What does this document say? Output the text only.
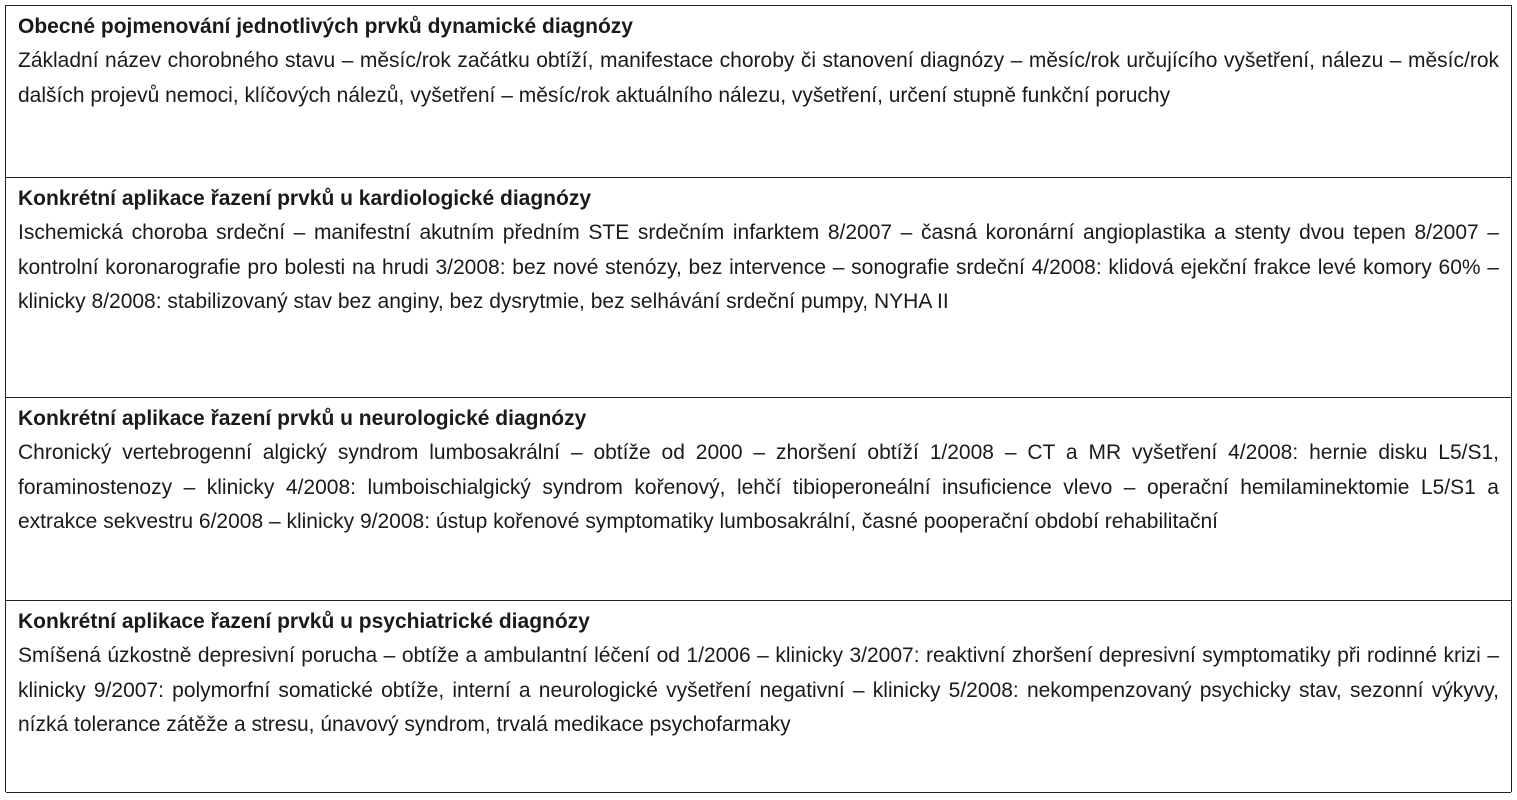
Obecné pojmenování jednotlivých prvků dynamické diagnózy

Základní název chorobného stavu – měsíc/rok začátku obtíží, manifestace choroby či stanovení diagnózy – měsíc/rok určujícího vyšetření, nálezu – měsíc/rok dalších projevů nemoci, klíčových nálezů, vyšetření – měsíc/rok aktuálního nálezu, vyšetření, určení stupně funkční poruchy

Konkrétní aplikace řazení prvků u kardiologické diagnózy

Ischemická choroba srdeční – manifestní akutním předním STE srdečním infarktem 8/2007 – časná koronární angioplastika a stenty dvou tepen 8/2007 – kontrolní koronarografie pro bolesti na hrudi 3/2008: bez nové stenózy, bez intervence – sonografie srdeční 4/2008: klidová ejekční frakce levé komory 60% – klinicky 8/2008: stabilizovaný stav bez anginy, bez dysrytmie, bez selhávání srdeční pumpy, NYHA II

Konkrétní aplikace řazení prvků u neurologické diagnózy

Chronický vertebrogenní algický syndrom lumbosakrální – obtíže od 2000 – zhoršení obtíží 1/2008 – CT a MR vyšetření 4/2008: hernie disku L5/S1, foraminostenozy – klinicky 4/2008: lumboischialgický syndrom kořenový, lehčí tibioperoneální insuficience vlevo – operační hemilaminektomie L5/S1 a extrakce sekvestru 6/2008 – klinicky 9/2008: ústup kořenové symptomatiky lumbosakrální, časné pooperační období rehabilitační

Konkrétní aplikace řazení prvků u psychiatrické diagnózy

Smíšená úzkostně depresivní porucha – obtíže a ambulantní léčení od 1/2006 – klinicky 3/2007: reaktivní zhoršení depresivní symptomatiky při rodinné krizi – klinicky 9/2007: polymorfní somatické obtíže, interní a neurologické vyšetření negativní – klinicky 5/2008: nekompenzovaný psychicky stav, sezonní výkyvy, nízká tolerance zátěže a stresu, únavový syndrom, trvalá medikace psychofarmaky
